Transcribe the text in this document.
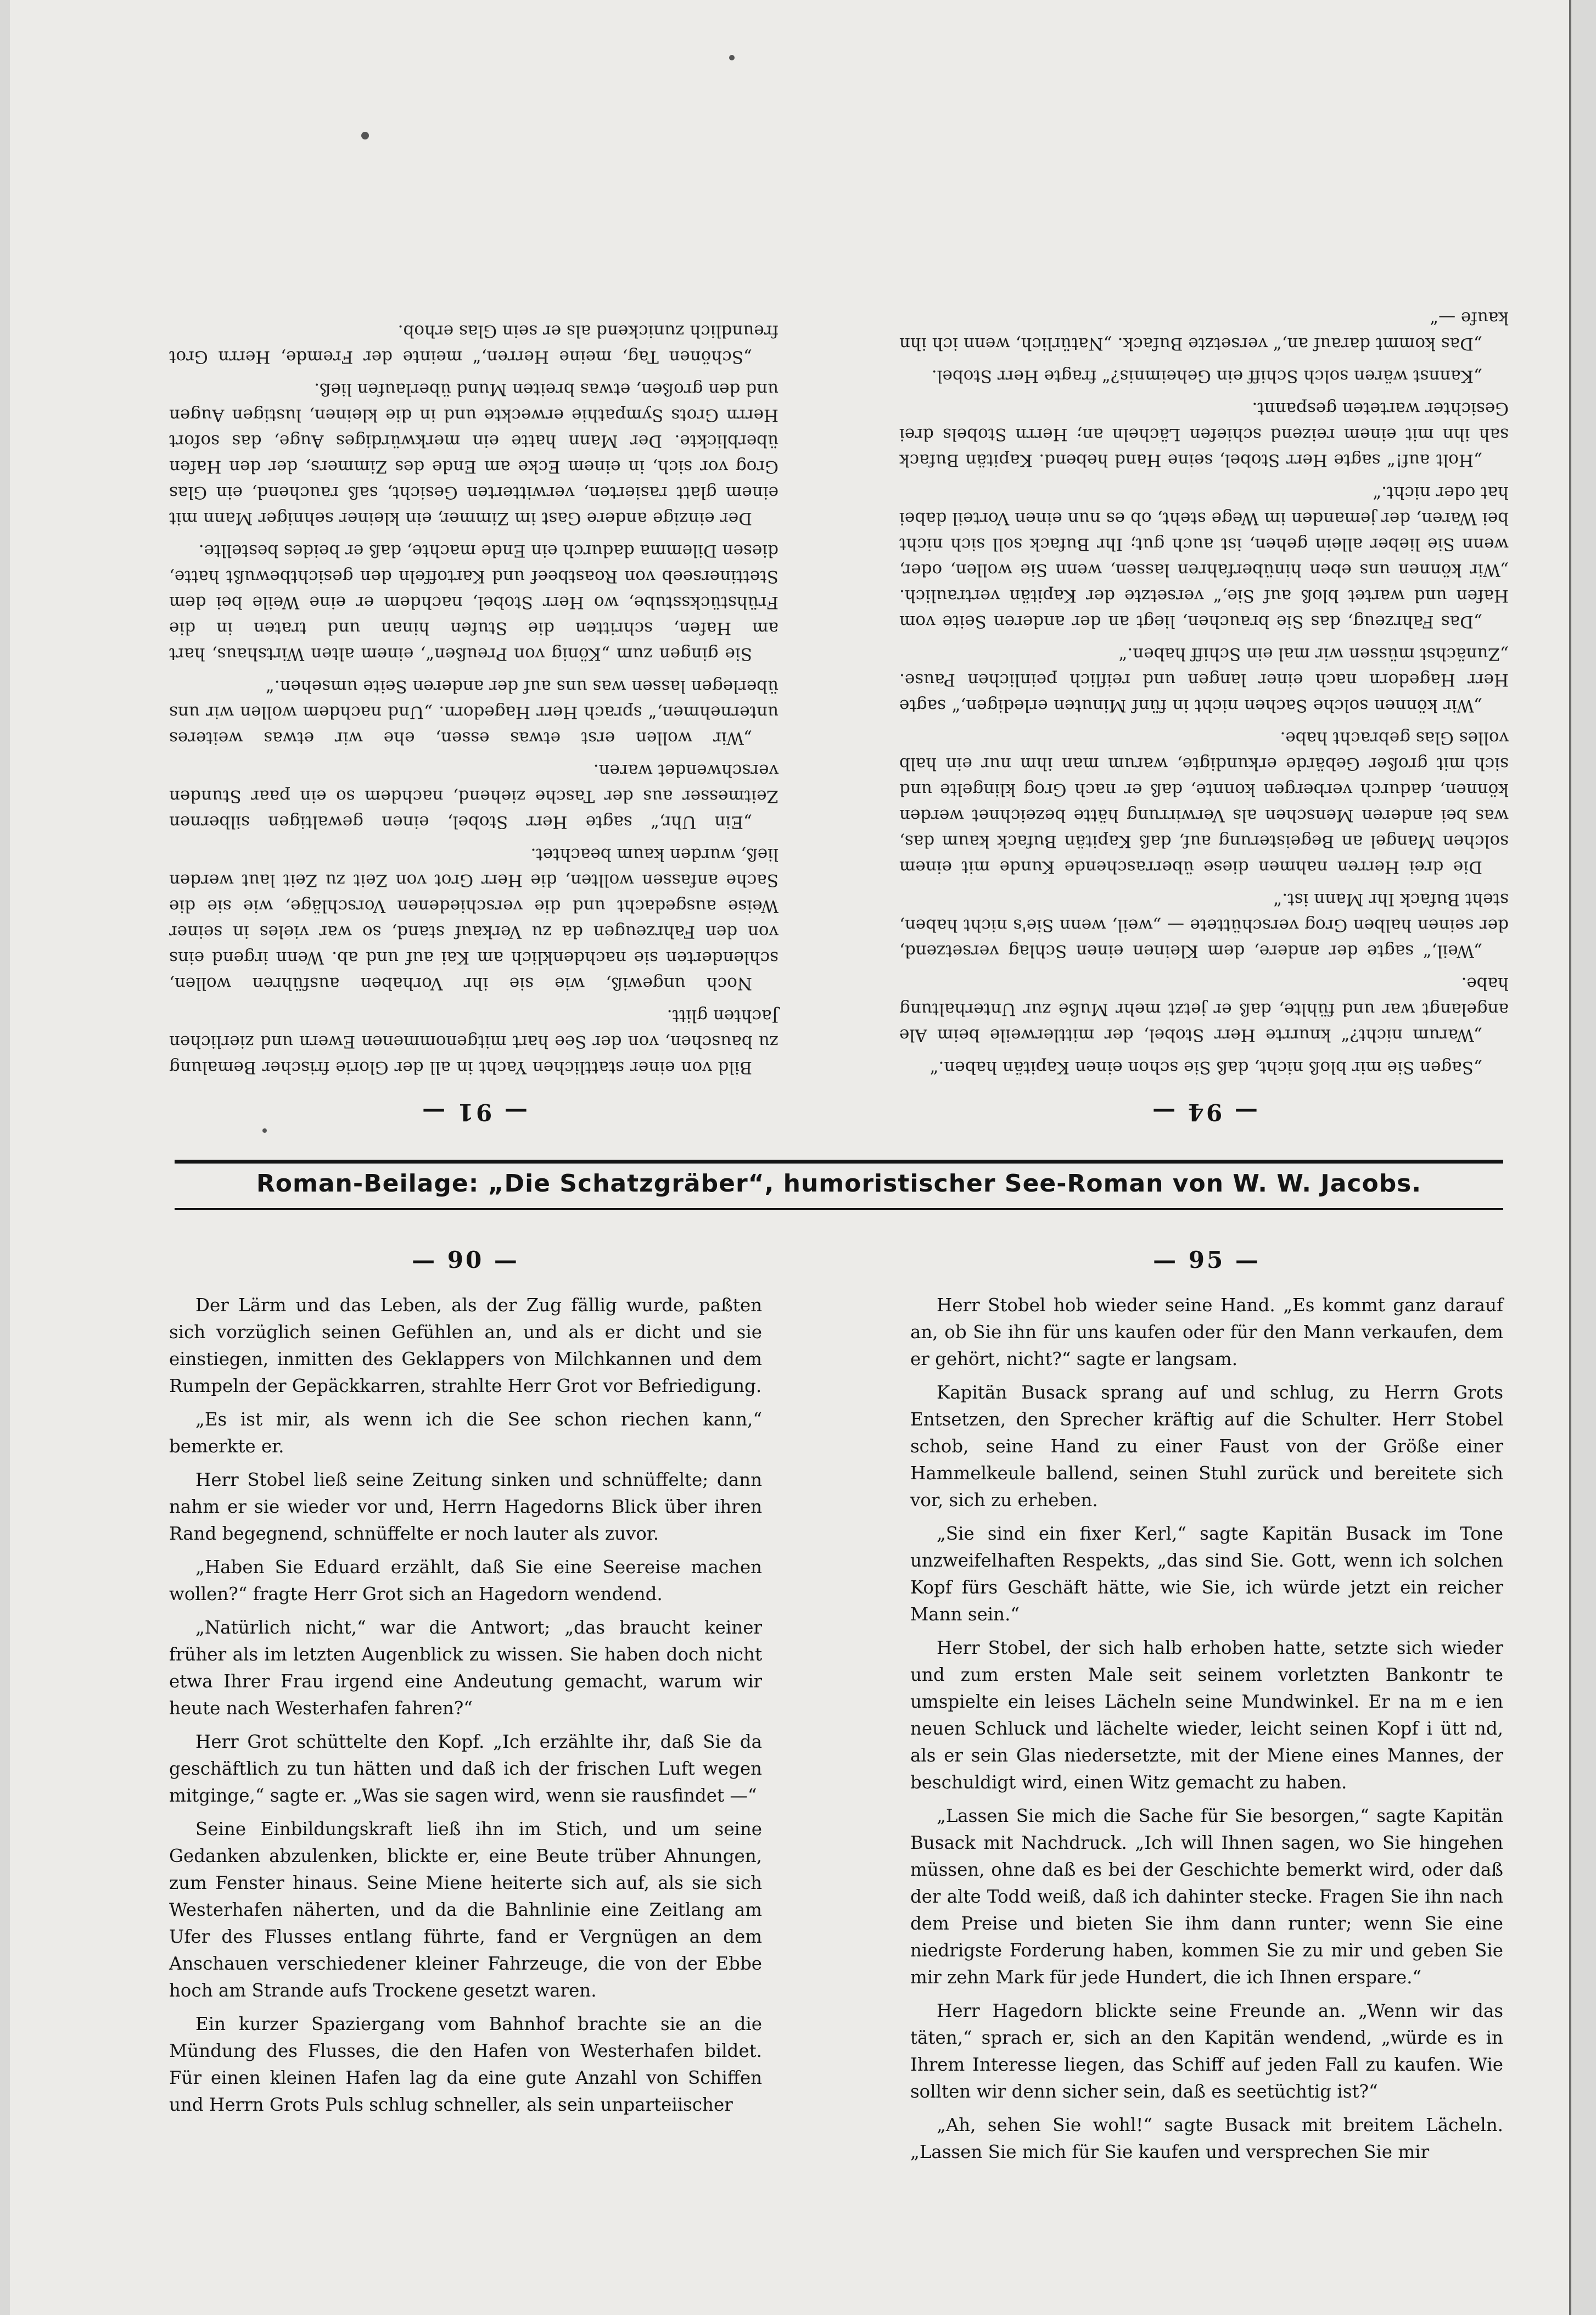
— 91 —

Bild von einer stattlichen Yacht in all der Glorie frischer Bemalung zu bauschen, von der See hart mitgenommenen Ewern und zierlichen Jachten glitt.

Noch ungewiß, wie sie ihr Vorhaben ausführen wollen, schlenderten sie nachdenklich am Kai auf und ab. Wenn irgend eins von den Fahrzeugen da zu Verkauf stand, so war vieles in seiner Weise ausgedacht und die verschiedenen Vorschläge, wie sie die Sache anfassen wollten, die Herr Grot von Zeit zu Zeit laut werden ließ, wurden kaum beachtet.

„Ein Uhr,“ sagte Herr Stobel, einen gewaltigen silbernen Zeitmesser aus der Tasche ziehend, nachdem so ein paar Stunden verschwendet waren.

„Wir wollen erst etwas essen, ehe wir etwas weiteres unternehmen,“ sprach Herr Hagedorn. „Und nachdem wollen wir uns überlegen lassen was uns auf der anderen Seite umsehen.“

Sie gingen zum „König von Preußen“, einem alten Wirtshaus, hart am Hafen, schritten die Stufen hinan und traten in die Frühstücksstube, wo Herr Stobel, nachdem er eine Weile bei dem Stettinerseeb von Roastbeef und Kartoffeln den gesichtbewußt hatte, diesen Dilemma dadurch ein Ende machte, daß er beides bestellte.

Der einzige andere Gast im Zimmer, ein kleiner sehniger Mann mit einem glatt rasierten, verwitterten Gesicht, saß rauchend, ein Glas Grog vor sich, in einem Ecke am Ende des Zimmers, der den Hafen überblickte. Der Mann hatte ein merkwürdiges Auge, das sofort Herrn Grots Sympathie erweckte und in die kleinen, lustigen Augen und den großen, etwas breiten Mund überlaufen ließ.

„Schönen Tag, meine Herren,“ meinte der Fremde, Herrn Grot freundlich zunickend als er sein Glas erhob.

— 94 —

„Sagen Sie mir bloß nicht, daß Sie schon einen Kapitän haben.“

„Warum nicht?“ knurrte Herr Stobel, der mittlerweile beim Ale angelangt war und fühlte, daß er jetzt mehr Muße zur Unterhaltung habe.

„Weil,“ sagte der andere, dem Kleinen einen Schlag versetzend, der seinen halben Grog verschüttete — „weil, wenn Sie's nicht haben, steht Bufack Ihr Mann ist.“

Die drei Herren nahmen diese überraschende Kunde mit einem solchen Mangel an Begeisterung auf, daß Kapitän Bufack kaum das, was bei anderen Menschen als Verwirrung hätte bezeichnet werden können, dadurch verbergen konnte, daß er nach Grog klingelte und sich mit großer Gebärde erkundigte, warum man ihm nur ein halb volles Glas gebracht habe.

„Wir können solche Sachen nicht in fünf Minuten erledigen,“ sagte Herr Hagedorn nach einer langen und reiflich peinlichen Pause. „Zunächst müssen wir mal ein Schiff haben.“

„Das Fahrzeug, das Sie brauchen, liegt an der anderen Seite vom Hafen und wartet bloß auf Sie,“ versetzte der Kapitän vertraulich. „Wir können uns eben hinüberfahren lassen, wenn Sie wollen, oder, wenn Sie lieber allein gehen, ist auch gut; Ihr Bufack soll sich nicht bei Waren, der jemanden im Wege steht, ob es nun einen Vorteil dabei hat oder nicht.“

„Holt auf!“ sagte Herr Stobel, seine Hand hebend. Kapitän Bufack sah ihn mit einem reizend schiefen Lächeln an; Herrn Stobels drei Gesichter warteten gespannt.

„Kannst wären solch Schiff ein Geheimnis?“ fragte Herr Stobel.

„Das kommt darauf an,“ versetzte Bufack. „Natürlich, wenn ich ihn kaufe —“

Roman-Beilage: „Die Schatzgräber“, humoristischer See-Roman von W. W. Jacobs.
— 90 —

Der Lärm und das Leben, als der Zug fällig wurde, paßten sich vorzüglich seinen Gefühlen an, und als er dicht und sie einstiegen, inmitten des Geklappers von Milchkannen und dem Rumpeln der Gepäckkarren, strahlte Herr Grot vor Befriedigung.

„Es ist mir, als wenn ich die See schon riechen kann,“ bemerkte er.

Herr Stobel ließ seine Zeitung sinken und schnüffelte; dann nahm er sie wieder vor und, Herrn Hagedorns Blick über ihren Rand begegnend, schnüffelte er noch lauter als zuvor.

„Haben Sie Eduard erzählt, daß Sie eine Seereise machen wollen?“ fragte Herr Grot sich an Hagedorn wendend.

„Natürlich nicht,“ war die Antwort; „das braucht keiner früher als im letzten Augenblick zu wissen. Sie haben doch nicht etwa Ihrer Frau irgend eine Andeutung gemacht, warum wir heute nach Westerhafen fahren?“

Herr Grot schüttelte den Kopf. „Ich erzählte ihr, daß Sie da geschäftlich zu tun hätten und daß ich der frischen Luft wegen mitginge,“ sagte er. „Was sie sagen wird, wenn sie rausfindet —“

Seine Einbildungskraft ließ ihn im Stich, und um seine Gedanken abzulenken, blickte er, eine Beute trüber Ahnungen, zum Fenster hinaus. Seine Miene heiterte sich auf, als sie sich Westerhafen näherten, und da die Bahnlinie eine Zeitlang am Ufer des Flusses entlang führte, fand er Vergnügen an dem Anschauen verschiedener kleiner Fahrzeuge, die von der Ebbe hoch am Strande aufs Trockene gesetzt waren.

Ein kurzer Spaziergang vom Bahnhof brachte sie an die Mündung des Flusses, die den Hafen von Westerhafen bildet. Für einen kleinen Hafen lag da eine gute Anzahl von Schiffen und Herrn Grots Puls schlug schneller, als sein unparteiischer

— 95 —

Herr Stobel hob wieder seine Hand. „Es kommt ganz darauf an, ob Sie ihn für uns kaufen oder für den Mann verkaufen, dem er gehört, nicht?“ sagte er langsam.

Kapitän Busack sprang auf und schlug, zu Herrn Grots Entsetzen, den Sprecher kräftig auf die Schulter. Herr Stobel schob, seine Hand zu einer Faust von der Größe einer Hammelkeule ballend, seinen Stuhl zurück und bereitete sich vor, sich zu erheben.

„Sie sind ein fixer Kerl,“ sagte Kapitän Busack im Tone unzweifelhaften Respekts, „das sind Sie. Gott, wenn ich solchen Kopf fürs Geschäft hätte, wie Sie, ich würde jetzt ein reicher Mann sein.“

Herr Stobel, der sich halb erhoben hatte, setzte sich wieder und zum ersten Male seit seinem vorletzten Bankontr te umspielte ein leises Lächeln seine Mundwinkel. Er na m e ien neuen Schluck und lächelte wieder, leicht seinen Kopf i ütt nd, als er sein Glas niedersetzte, mit der Miene eines Mannes, der beschuldigt wird, einen Witz gemacht zu haben.

„Lassen Sie mich die Sache für Sie besorgen,“ sagte Kapitän Busack mit Nachdruck. „Ich will Ihnen sagen, wo Sie hingehen müssen, ohne daß es bei der Geschichte bemerkt wird, oder daß der alte Todd weiß, daß ich dahinter stecke. Fragen Sie ihn nach dem Preise und bieten Sie ihm dann runter; wenn Sie eine niedrigste Forderung haben, kommen Sie zu mir und geben Sie mir zehn Mark für jede Hundert, die ich Ihnen erspare.“

Herr Hagedorn blickte seine Freunde an. „Wenn wir das täten,“ sprach er, sich an den Kapitän wendend, „würde es in Ihrem Interesse liegen, das Schiff auf jeden Fall zu kaufen. Wie sollten wir denn sicher sein, daß es seetüchtig ist?“

„Ah, sehen Sie wohl!“ sagte Busack mit breitem Lächeln. „Lassen Sie mich für Sie kaufen und versprechen Sie mir
